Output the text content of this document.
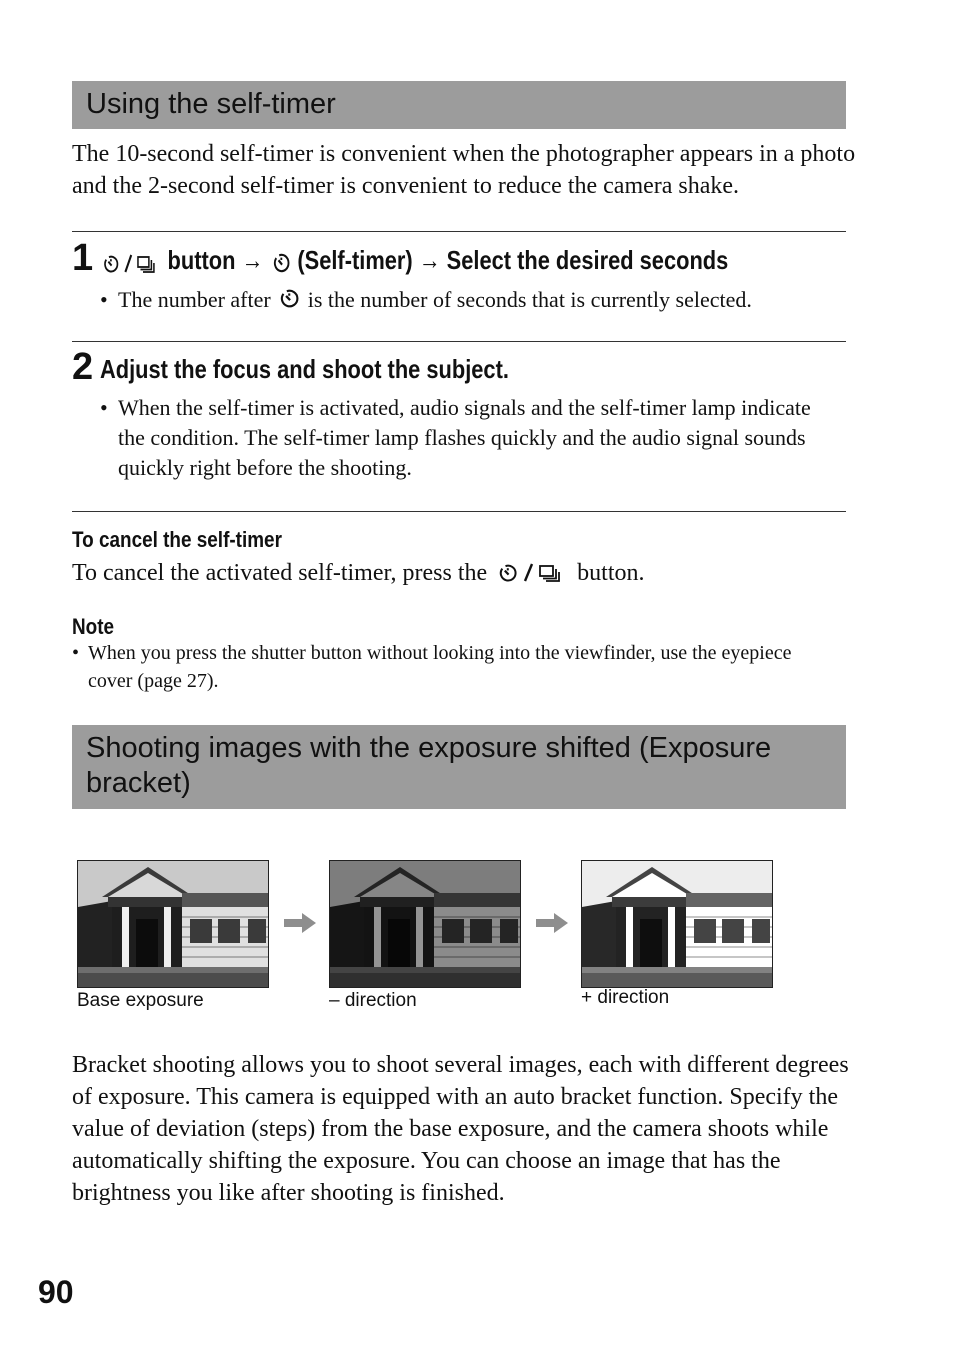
Using the self-timer
The 10-second self-timer is convenient when the photographer appears in a photo and the 2-second self-timer is convenient to reduce the camera shake.
1	button → (Self-timer) → Select the desired seconds
• The number after is the number of seconds that is currently selected.
2 Adjust the focus and shoot the subject.
• When the self-timer is activated, audio signals and the self-timer lamp indicate the condition. The self-timer lamp flashes quickly and the audio signal sounds quickly right before the shooting.
To cancel the self-timer
To cancel the activated self-timer, press the	button.
Note
• When you press the shutter button without looking into the viewfinder, use the eyepiece cover (page 27).
Shooting images with the exposure shifted (Exposure bracket)
Base exposure	– direction	+ direction
Bracket shooting allows you to shoot several images, each with different degrees of exposure. This camera is equipped with an auto bracket function. Specify the value of deviation (steps) from the base exposure, and the camera shoots while automatically shifting the exposure. You can choose an image that has the brightness you like after shooting is finished.
90
